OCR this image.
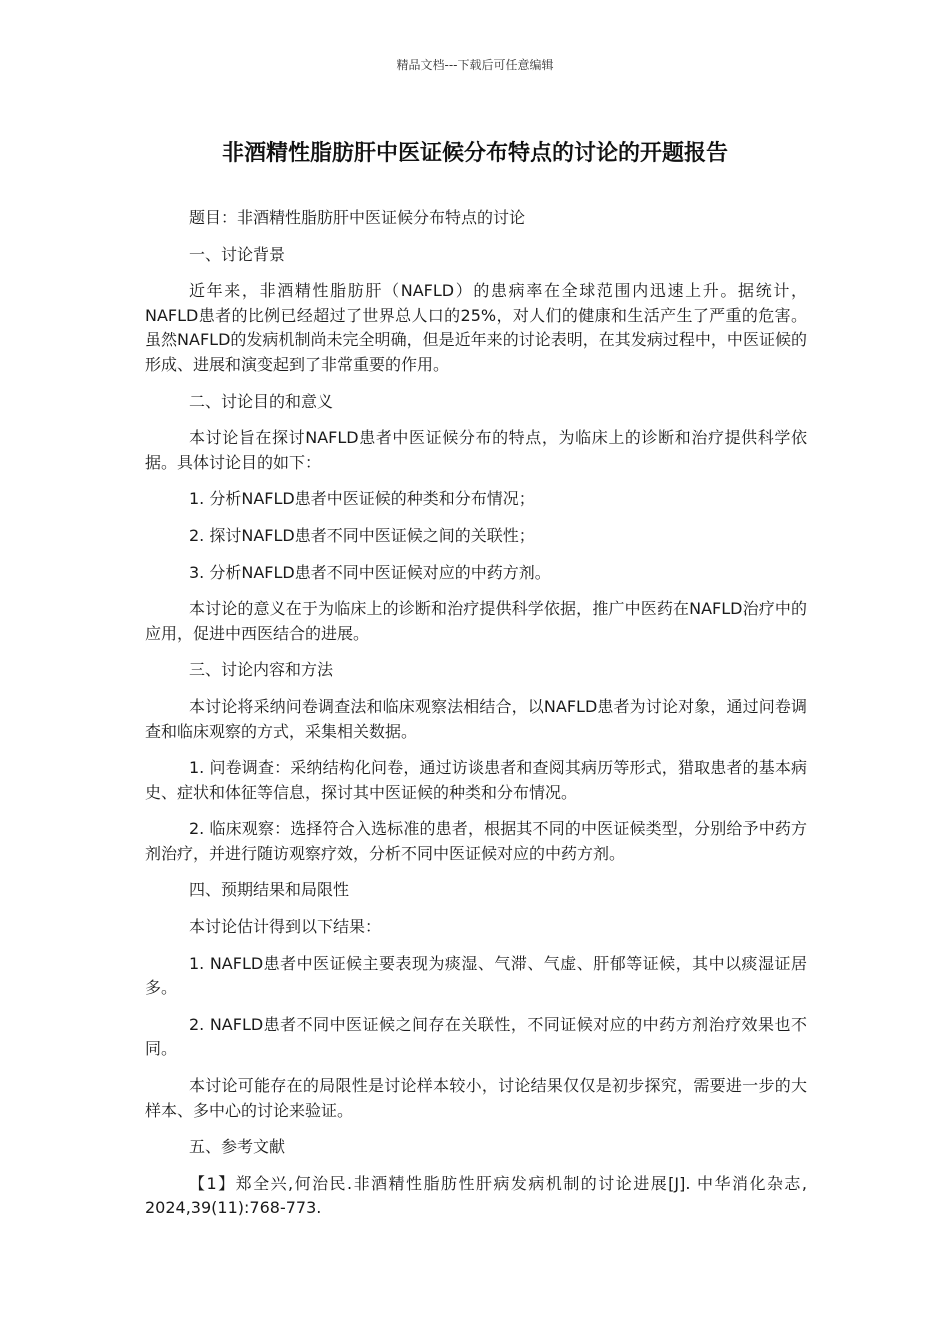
精品文档---下载后可任意编辑
非酒精性脂肪肝中医证候分布特点的讨论的开题报告

题目：非酒精性脂肪肝中医证候分布特点的讨论

一、讨论背景

近年来，非酒精性脂肪肝（NAFLD）的患病率在全球范围内迅速上升。据统计，NAFLD患者的比例已经超过了世界总人口的25%，对人们的健康和生活产生了严重的危害。虽然NAFLD的发病机制尚未完全明确，但是近年来的讨论表明，在其发病过程中，中医证候的形成、进展和演变起到了非常重要的作用。

二、讨论目的和意义

本讨论旨在探讨NAFLD患者中医证候分布的特点，为临床上的诊断和治疗提供科学依据。具体讨论目的如下：

1. 分析NAFLD患者中医证候的种类和分布情况；

2. 探讨NAFLD患者不同中医证候之间的关联性；

3. 分析NAFLD患者不同中医证候对应的中药方剂。

本讨论的意义在于为临床上的诊断和治疗提供科学依据，推广中医药在NAFLD治疗中的应用，促进中西医结合的进展。

三、讨论内容和方法

本讨论将采纳问卷调查法和临床观察法相结合，以NAFLD患者为讨论对象，通过问卷调查和临床观察的方式，采集相关数据。

1. 问卷调查：采纳结构化问卷，通过访谈患者和查阅其病历等形式，猎取患者的基本病史、症状和体征等信息，探讨其中医证候的种类和分布情况。

2. 临床观察：选择符合入选标准的患者，根据其不同的中医证候类型，分别给予中药方剂治疗，并进行随访观察疗效，分析不同中医证候对应的中药方剂。

四、预期结果和局限性

本讨论估计得到以下结果：

1. NAFLD患者中医证候主要表现为痰湿、气滞、气虚、肝郁等证候，其中以痰湿证居多。

2. NAFLD患者不同中医证候之间存在关联性，不同证候对应的中药方剂治疗效果也不同。

本讨论可能存在的局限性是讨论样本较小，讨论结果仅仅是初步探究，需要进一步的大样本、多中心的讨论来验证。

五、参考文献

【1】郑全兴,何治民.非酒精性脂肪性肝病发病机制的讨论进展[J]. 中华消化杂志, 2024,39(11):768-773.
